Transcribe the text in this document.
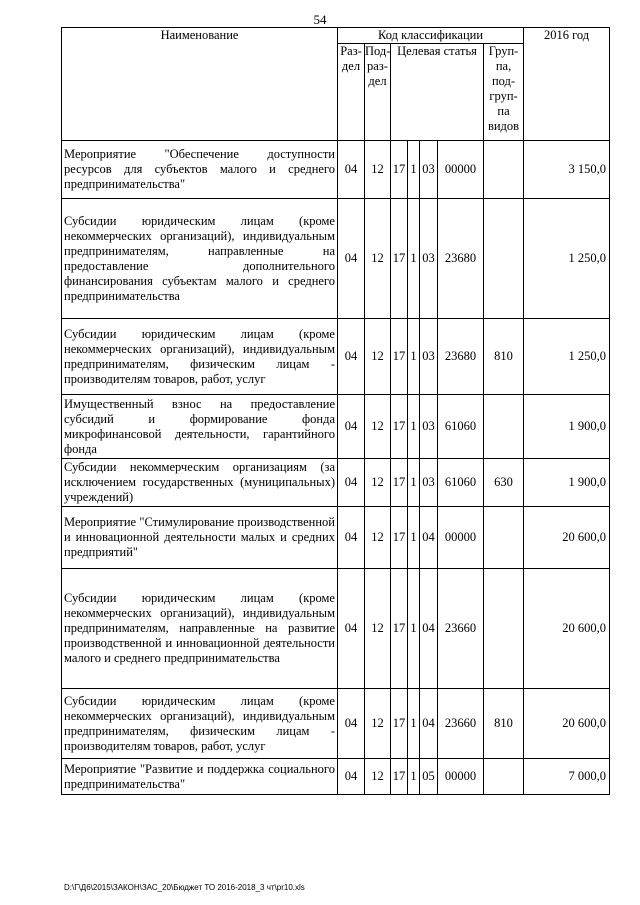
54
Наименование	Код классификации							2016 год
	Раз-дел	Под-раз-дел	Целевая статья				Груп-па, под-груп-па видов	
Мероприятие "Обеспечение доступности ресурсов для субъектов малого и среднего предпринимательства"	04	12	17	1	03	00000		3 150,0
Субсидии юридическим лицам (кроме некоммерческих организаций), индивидуальным предпринимателям, направленные на предоставление дополнительного финансирования субъектам малого и среднего предпринимательства	04	12	17	1	03	23680		1 250,0
Субсидии юридическим лицам (кроме некоммерческих организаций), индивидуальным предпринимателям, физическим лицам - производителям товаров, работ, услуг	04	12	17	1	03	23680	810	1 250,0
Имущественный взнос на предоставление субсидий и формирование фонда микрофинансовой деятельности, гарантийного фонда	04	12	17	1	03	61060		1 900,0
Субсидии некоммерческим организациям (за исключением государственных (муниципальных) учреждений)	04	12	17	1	03	61060	630	1 900,0
Мероприятие "Стимулирование производственной и инновационной деятельности малых и средних предприятий"	04	12	17	1	04	00000		20 600,0
Субсидии юридическим лицам (кроме некоммерческих организаций), индивидуальным предпринимателям, направленные на развитие производственной и инновационной деятельности малого и среднего предпринимательства	04	12	17	1	04	23660		20 600,0
Субсидии юридическим лицам (кроме некоммерческих организаций), индивидуальным предпринимателям, физическим лицам - производителям товаров, работ, услуг	04	12	17	1	04	23660	810	20 600,0
Мероприятие "Развитие и поддержка социального предпринимательства"	04	12	17	1	05	00000		7 000,0
D:\Г\Д6\2015\ЗАКОН\ЗАС_20\Бюджет ТО 2016-2018_3 чт\pr10.xls
